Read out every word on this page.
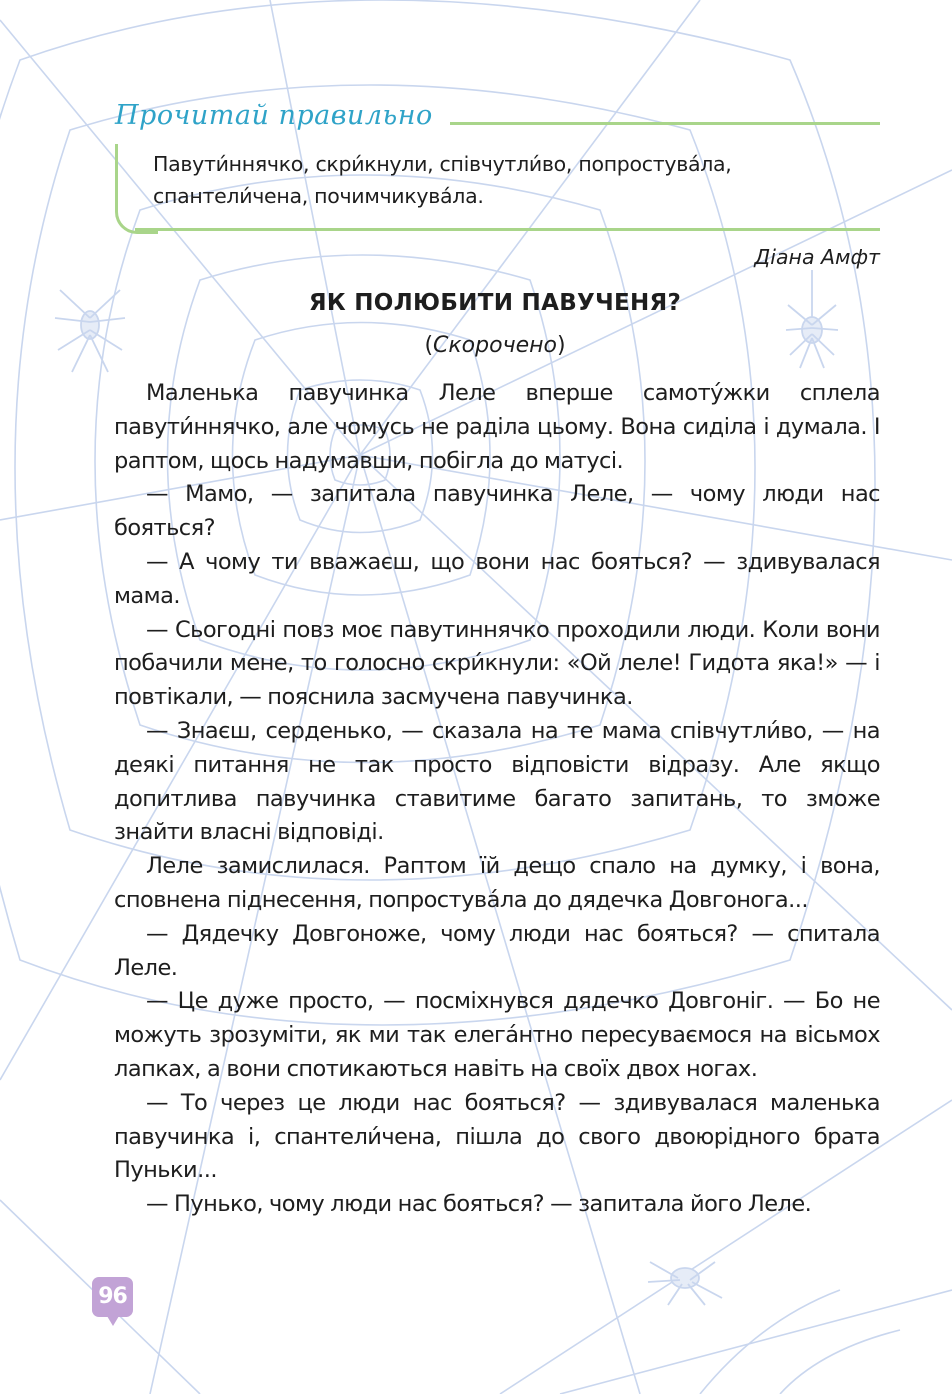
Прочитай правильно
Павути́ннячко, скри́кнули, співчутли́во, попростува́ла, спантели́чена, почимчикува́ла.
Діана Амфт
ЯК ПОЛЮБИТИ ПАВУЧЕНЯ?
(Скорочено)

Маленька павучинка Леле вперше самоту́жки сплела павути́ннячко, але чомусь не раділа цьому. Вона сиділа і думала. І раптом, щось надумавши, побігла до матусі.

— Мамо, — запитала павучинка Леле, — чому люди нас бояться?

— А чому ти вважаєш, що вони нас бояться? — здивувалася мама.

— Сьогодні повз моє павутиннячко проходили люди. Коли вони побачили мене, то голосно скри́кнули: «Ой леле! Гидота яка!» — і повтікали, — пояснила засмучена павучинка.

— Знаєш, серденько, — сказала на те мама співчутли́во, — на деякі питання не так просто відповісти відразу. Але якщо допитлива павучинка ставитиме багато запитань, то зможе знайти власні відповіді.

Леле замислилася. Раптом їй дещо спало на думку, і вона, сповнена піднесення, попростува́ла до дядечка Довгонога...

— Дядечку Довгоноже, чому люди нас бояться? — спитала Леле.

— Це дуже просто, — посміхнувся дядечко Довгоніг. — Бо не можуть зрозуміти, як ми так елега́нтно пересуваємося на вісьмох лапках, а вони спотикаються навіть на своїх двох ногах.

— То через це люди нас бояться? — здивувалася маленька павучинка і, спантели́чена, пішла до свого двоюрідного брата Пуньки...

— Пунько, чому люди нас бояться? — запитала його Леле.

96
